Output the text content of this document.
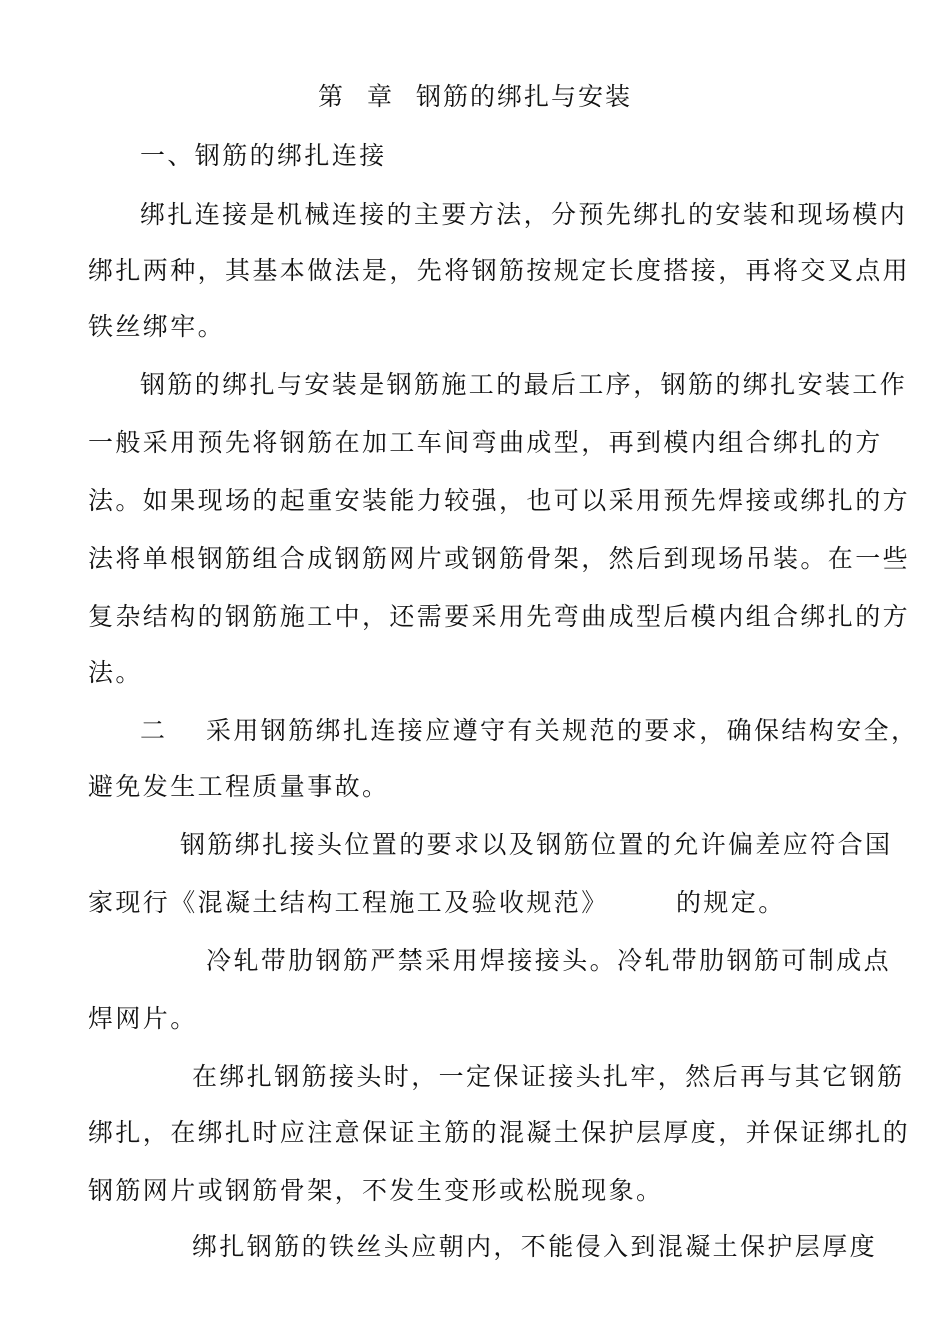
第 章 钢筋的绑扎与安装
一、钢筋的绑扎连接
绑扎连接是机械连接的主要方法，分预先绑扎的安装和现场模内
绑扎两种，其基本做法是，先将钢筋按规定长度搭接，再将交叉点用
铁丝绑牢。
钢筋的绑扎与安装是钢筋施工的最后工序，钢筋的绑扎安装工作
一般采用预先将钢筋在加工车间弯曲成型，再到模内组合绑扎的方
法。如果现场的起重安装能力较强，也可以采用预先焊接或绑扎的方
法将单根钢筋组合成钢筋网片或钢筋骨架，然后到现场吊装。在一些
复杂结构的钢筋施工中，还需要采用先弯曲成型后模内组合绑扎的方
法。
二 采用钢筋绑扎连接应遵守有关规范的要求，确保结构安全，
避免发生工程质量事故。
钢筋绑扎接头位置的要求以及钢筋位置的允许偏差应符合国
家现行《混凝土结构工程施工及验收规范》	的规定。
冷轧带肋钢筋严禁采用焊接接头。冷轧带肋钢筋可制成点
焊网片。
在绑扎钢筋接头时，一定保证接头扎牢，然后再与其它钢筋
绑扎，在绑扎时应注意保证主筋的混凝土保护层厚度，并保证绑扎的
钢筋网片或钢筋骨架，不发生变形或松脱现象。
绑扎钢筋的铁丝头应朝内，不能侵入到混凝土保护层厚度
